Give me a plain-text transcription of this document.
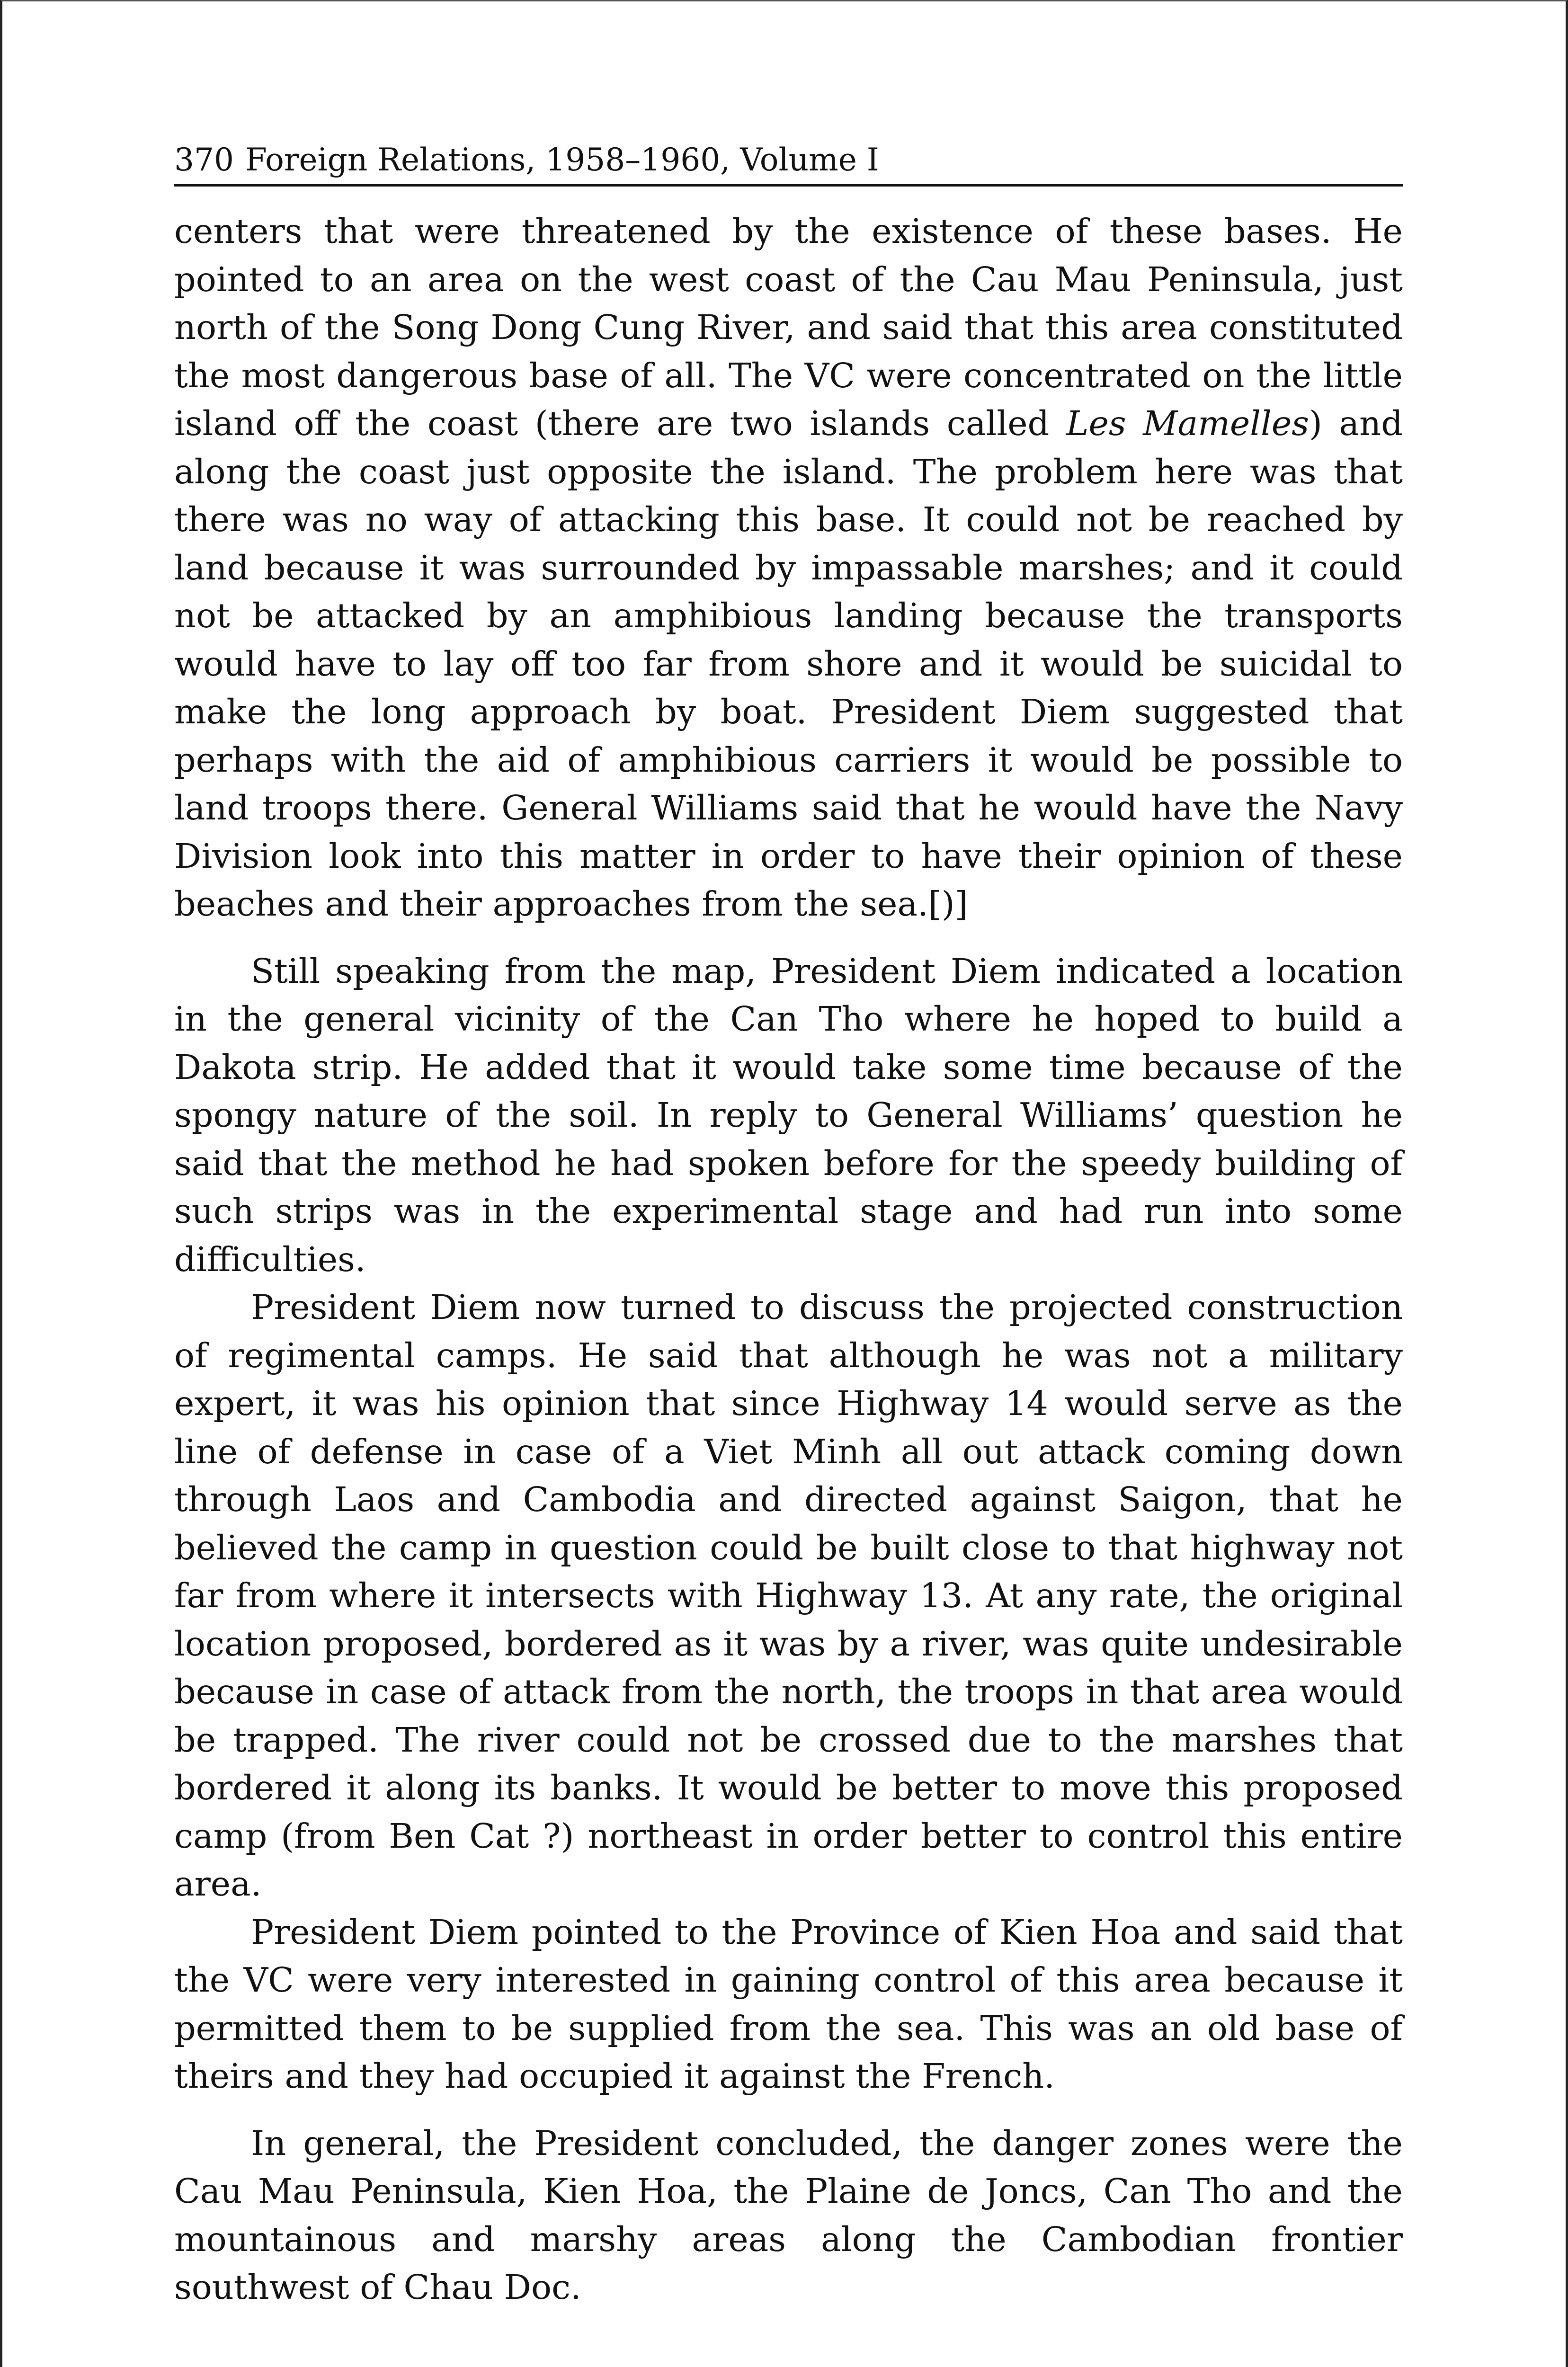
370 Foreign Relations, 1958–1960, Volume I

centers that were threatened by the existence of these bases. He pointed to an area on the west coast of the Cau Mau Peninsula, just north of the Song Dong Cung River, and said that this area constituted the most dangerous base of all. The VC were concentrated on the little island off the coast (there are two islands called Les Mamelles) and along the coast just opposite the island. The problem here was that there was no way of attacking this base. It could not be reached by land because it was surrounded by impassable marshes; and it could not be attacked by an amphibious landing because the transports would have to lay off too far from shore and it would be suicidal to make the long approach by boat. President Diem suggested that perhaps with the aid of amphibious carriers it would be possible to land troops there. General Williams said that he would have the Navy Division look into this matter in order to have their opinion of these beaches and their approaches from the sea.[)]

Still speaking from the map, President Diem indicated a location in the general vicinity of the Can Tho where he hoped to build a Dakota strip. He added that it would take some time because of the spongy nature of the soil. In reply to General Williams’ question he said that the method he had spoken before for the speedy building of such strips was in the experimental stage and had run into some difficulties.

President Diem now turned to discuss the projected construction of regimental camps. He said that although he was not a military expert, it was his opinion that since Highway 14 would serve as the line of defense in case of a Viet Minh all out attack coming down through Laos and Cambodia and directed against Saigon, that he believed the camp in question could be built close to that highway not far from where it intersects with Highway 13. At any rate, the original location proposed, bordered as it was by a river, was quite undesirable because in case of attack from the north, the troops in that area would be trapped. The river could not be crossed due to the marshes that bordered it along its banks. It would be better to move this proposed camp (from Ben Cat ?) northeast in order better to control this entire area.

President Diem pointed to the Province of Kien Hoa and said that the VC were very interested in gaining control of this area because it permitted them to be supplied from the sea. This was an old base of theirs and they had occupied it against the French.

In general, the President concluded, the danger zones were the Cau Mau Peninsula, Kien Hoa, the Plaine de Joncs, Can Tho and the mountainous and marshy areas along the Cambodian frontier southwest of Chau Doc.
